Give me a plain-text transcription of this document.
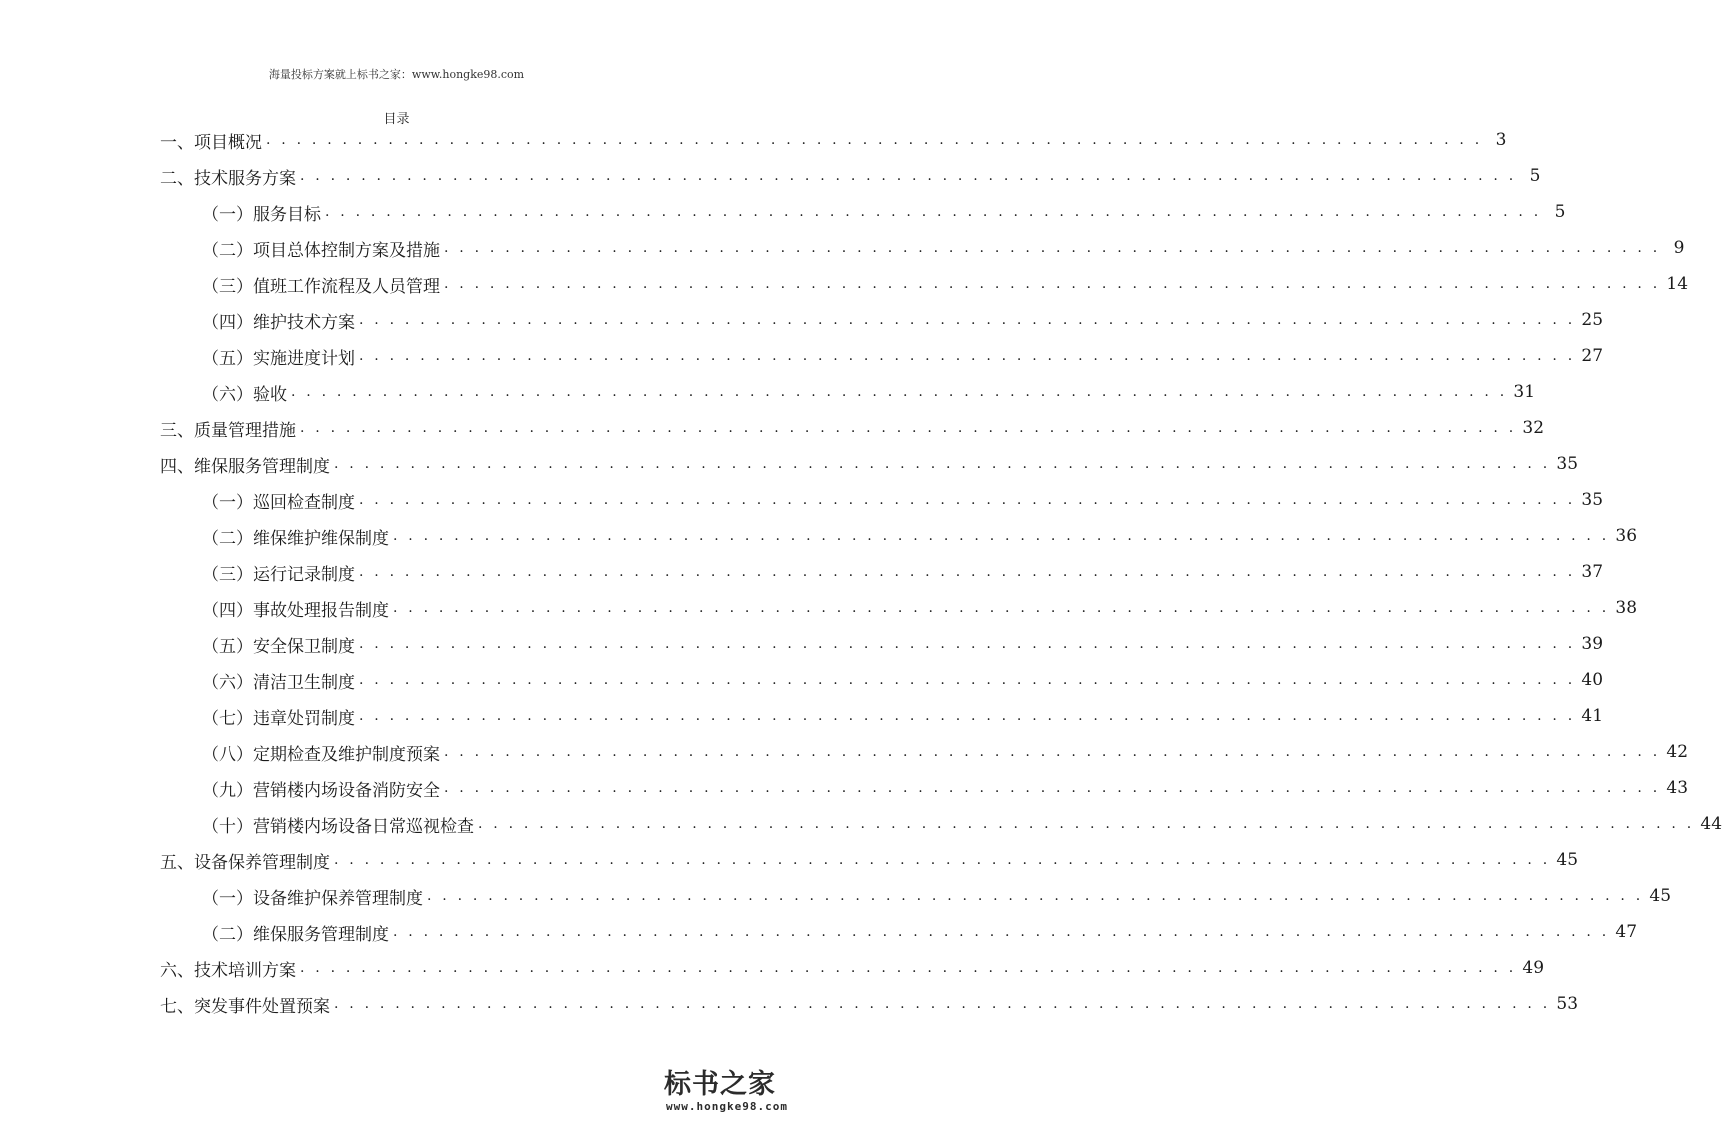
海量投标方案就上标书之家：www.hongke98.com
目录
一、项目概况 . . . . . . . . . . . . . . . . . . . . . . . . . . . . . . . . . . . . . . . . . . . . . . . . . . . . . . . . . . . . . . . . . . . . . . . . . . . . . . . . 3
二、技术服务方案 . . . . . . . . . . . . . . . . . . . . . . . . . . . . . . . . . . . . . . . . . . . . . . . . . . . . . . . . . . . . . . . . . . . . . . . . . . . . . . . . 5
（一）服务目标 . . . . . . . . . . . . . . . . . . . . . . . . . . . . . . . . . . . . . . . . . . . . . . . . . . . . . . . . . . . . . . . . . . . . . . . . . . . . . . . . 5
（二）项目总体控制方案及措施 . . . . . . . . . . . . . . . . . . . . . . . . . . . . . . . . . . . . . . . . . . . . . . . . . . . . . . . . . . . . . . . . . . . . . . . . . . . . . . . . 9
（三）值班工作流程及人员管理 . . . . . . . . . . . . . . . . . . . . . . . . . . . . . . . . . . . . . . . . . . . . . . . . . . . . . . . . . . . . . . . . . . . . . . . . . . . . . . . . 14
（四）维护技术方案 . . . . . . . . . . . . . . . . . . . . . . . . . . . . . . . . . . . . . . . . . . . . . . . . . . . . . . . . . . . . . . . . . . . . . . . . . . . . . . . . 25
（五）实施进度计划 . . . . . . . . . . . . . . . . . . . . . . . . . . . . . . . . . . . . . . . . . . . . . . . . . . . . . . . . . . . . . . . . . . . . . . . . . . . . . . . . 27
（六）验收 . . . . . . . . . . . . . . . . . . . . . . . . . . . . . . . . . . . . . . . . . . . . . . . . . . . . . . . . . . . . . . . . . . . . . . . . . . . . . . . . 31
三、质量管理措施 . . . . . . . . . . . . . . . . . . . . . . . . . . . . . . . . . . . . . . . . . . . . . . . . . . . . . . . . . . . . . . . . . . . . . . . . . . . . . . . . 32
四、维保服务管理制度 . . . . . . . . . . . . . . . . . . . . . . . . . . . . . . . . . . . . . . . . . . . . . . . . . . . . . . . . . . . . . . . . . . . . . . . . . . . . . . . . 35
（一）巡回检查制度 . . . . . . . . . . . . . . . . . . . . . . . . . . . . . . . . . . . . . . . . . . . . . . . . . . . . . . . . . . . . . . . . . . . . . . . . . . . . . . . . 35
（二）维保维护维保制度 . . . . . . . . . . . . . . . . . . . . . . . . . . . . . . . . . . . . . . . . . . . . . . . . . . . . . . . . . . . . . . . . . . . . . . . . . . . . . . . . 36
（三）运行记录制度 . . . . . . . . . . . . . . . . . . . . . . . . . . . . . . . . . . . . . . . . . . . . . . . . . . . . . . . . . . . . . . . . . . . . . . . . . . . . . . . . 37
（四）事故处理报告制度 . . . . . . . . . . . . . . . . . . . . . . . . . . . . . . . . . . . . . . . . . . . . . . . . . . . . . . . . . . . . . . . . . . . . . . . . . . . . . . . . 38
（五）安全保卫制度 . . . . . . . . . . . . . . . . . . . . . . . . . . . . . . . . . . . . . . . . . . . . . . . . . . . . . . . . . . . . . . . . . . . . . . . . . . . . . . . . 39
（六）清洁卫生制度 . . . . . . . . . . . . . . . . . . . . . . . . . . . . . . . . . . . . . . . . . . . . . . . . . . . . . . . . . . . . . . . . . . . . . . . . . . . . . . . . 40
（七）违章处罚制度 . . . . . . . . . . . . . . . . . . . . . . . . . . . . . . . . . . . . . . . . . . . . . . . . . . . . . . . . . . . . . . . . . . . . . . . . . . . . . . . . 41
（八）定期检查及维护制度预案 . . . . . . . . . . . . . . . . . . . . . . . . . . . . . . . . . . . . . . . . . . . . . . . . . . . . . . . . . . . . . . . . . . . . . . . . . . . . . . . . 42
（九）营销楼内场设备消防安全 . . . . . . . . . . . . . . . . . . . . . . . . . . . . . . . . . . . . . . . . . . . . . . . . . . . . . . . . . . . . . . . . . . . . . . . . . . . . . . . . 43
（十）营销楼内场设备日常巡视检查 . . . . . . . . . . . . . . . . . . . . . . . . . . . . . . . . . . . . . . . . . . . . . . . . . . . . . . . . . . . . . . . . . . . . . . . . . . . . . . . . 44
五、设备保养管理制度 . . . . . . . . . . . . . . . . . . . . . . . . . . . . . . . . . . . . . . . . . . . . . . . . . . . . . . . . . . . . . . . . . . . . . . . . . . . . . . . . 45
（一）设备维护保养管理制度 . . . . . . . . . . . . . . . . . . . . . . . . . . . . . . . . . . . . . . . . . . . . . . . . . . . . . . . . . . . . . . . . . . . . . . . . . . . . . . . . 45
（二）维保服务管理制度 . . . . . . . . . . . . . . . . . . . . . . . . . . . . . . . . . . . . . . . . . . . . . . . . . . . . . . . . . . . . . . . . . . . . . . . . . . . . . . . . 47
六、技术培训方案 . . . . . . . . . . . . . . . . . . . . . . . . . . . . . . . . . . . . . . . . . . . . . . . . . . . . . . . . . . . . . . . . . . . . . . . . . . . . . . . . 49
七、突发事件处置预案 . . . . . . . . . . . . . . . . . . . . . . . . . . . . . . . . . . . . . . . . . . . . . . . . . . . . . . . . . . . . . . . . . . . . . . . . . . . . . . . . 53
标书之家
www.hongke98.com
